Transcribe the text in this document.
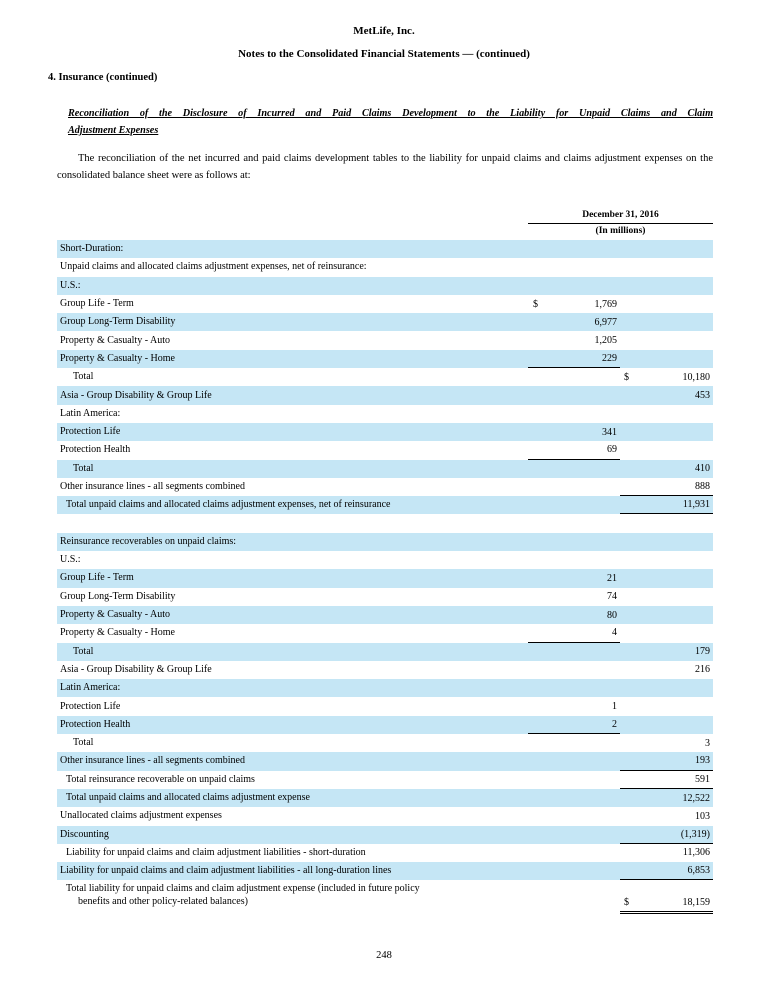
MetLife, Inc.
Notes to the Consolidated Financial Statements — (continued)
4. Insurance (continued)
Reconciliation of the Disclosure of Incurred and Paid Claims Development to the Liability for Unpaid Claims and Claim
Adjustment Expenses
The reconciliation of the net incurred and paid claims development tables to the liability for unpaid claims and claims adjustment expenses on the consolidated balance sheet were as follows at:
December 31, 2016
(In millions)
Short-Duration:
Unpaid claims and allocated claims adjustment expenses, net of reinsurance:
U.S.:
Group Life - Term	$	1,769
Group Long-Term Disability	6,977
Property & Casualty - Auto	1,205
Property & Casualty - Home	229
Total	$	10,180
Asia - Group Disability & Group Life	453
Latin America:
Protection Life	341
Protection Health	69
Total	410
Other insurance lines - all segments combined	888
Total unpaid claims and allocated claims adjustment expenses, net of reinsurance	11,931
Reinsurance recoverables on unpaid claims:
U.S.:
Group Life - Term	21
Group Long-Term Disability	74
Property & Casualty - Auto	80
Property & Casualty - Home	4
Total	179
Asia - Group Disability & Group Life	216
Latin America:
Protection Life	1
Protection Health	2
Total	3
Other insurance lines - all segments combined	193
Total reinsurance recoverable on unpaid claims	591
Total unpaid claims and allocated claims adjustment expense	12,522
Unallocated claims adjustment expenses	103
Discounting	(1,319)
Liability for unpaid claims and claim adjustment liabilities - short-duration	11,306
Liability for unpaid claims and claim adjustment liabilities - all long-duration lines	6,853
Total liability for unpaid claims and claim adjustment expense (included in future policy
benefits and other policy-related balances)	$	18,159
248
